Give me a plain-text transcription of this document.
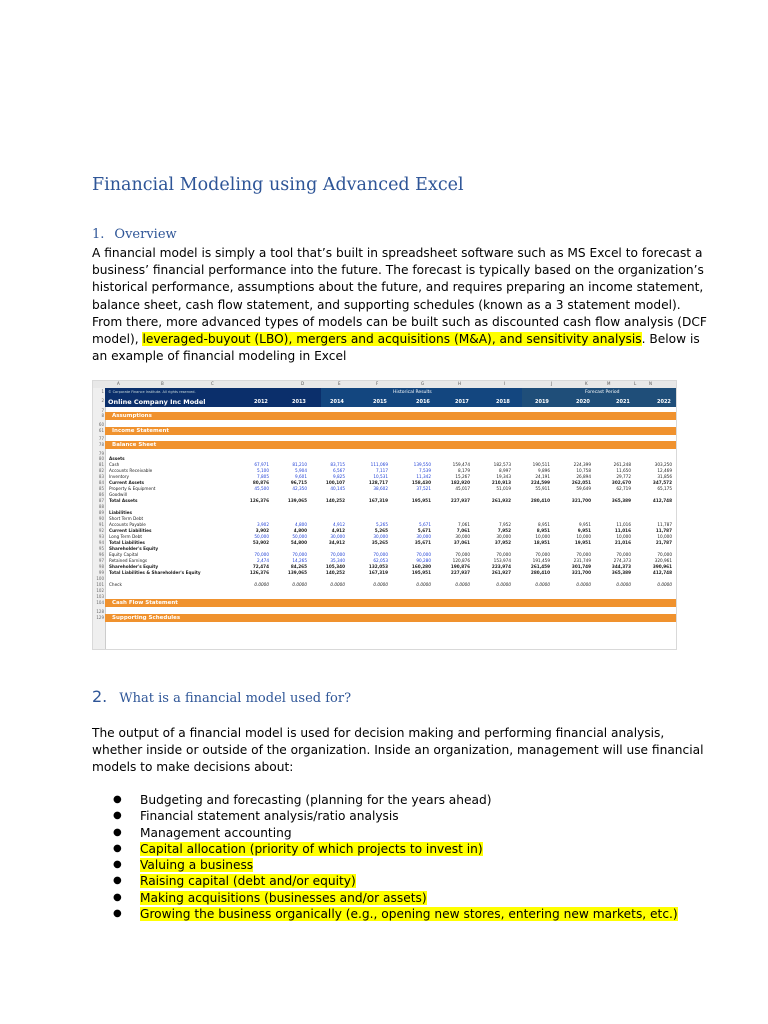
Financial Modeling using Advanced Excel
1. Overview
A financial model is simply a tool that’s built in spreadsheet software such as MS Excel to forecast a
business’ financial performance into the future. The forecast is typically based on the organization’s
historical performance, assumptions about the future, and requires preparing an income statement,
balance sheet, cash flow statement, and supporting schedules (known as a 3 statement model).
From there, more advanced types of models can be built such as discounted cash flow analysis (DCF
model), leveraged-buyout (LBO), mergers and acquisitions (M&A), and sensitivity analysis. Below is
an example of financial modeling in Excel
A	B	C	D	E	F	G	H	I	J	K	L
M	N
© Corporate Finance Institute. All rights reserved.
Online Company Inc Model
Historical Results	Forecast Period
2012	2013	2014	2015	2016	2017	2018	2019	2020	2021	2022
1
2
7
60
77
79
88
100
102
103
128
Assumptions
8
Income Statement
61
Balance Sheet
78
Cash Flow Statement
104
Supporting Schedules
129
80 Assets
81 Cash	67,971	81,210	83,715	111,069	139,550	159,474	182,573	190,511	224,399	261,248	303,250
82 Accounts Receivable	5,100	5,904	6,567	7,117	7,539	8,179	8,997	9,896	10,758	11,650	12,469
83 Inventory	7,805	9,601	9,825	10,531	11,342	15,267	19,343	24,191	26,894	29,772	31,856
84 Current Assets	80,876	96,715	100,107	128,717	158,430	182,920	210,913	224,599	262,051	302,670	347,572
85 Property & Equipment	45,500	42,350	40,145	38,602	37,521	45,017	51,019	55,911	59,649	62,719	65,175
86 Goodwill
87 Total Assets	126,376	139,065	140,252	167,319	195,951	227,937	261,932	280,410	321,700	365,389	412,748
89 Liabilities
90 Short Term Debt
91 Accounts Payable	3,902	4,800	4,912	5,265	5,671	7,061	7,952	8,951	9,951	11,016	11,787
92 Current Liabilities	3,902	4,800	4,912	5,265	5,671	7,061	7,952	8,951	9,951	11,016	11,787
93 Long Term Debt	50,000	50,000	30,000	30,000	30,000	30,000	30,000	10,000	10,000	10,000	10,000
94 Total Liabilities	53,902	54,800	34,912	35,265	35,671	37,061	37,952	18,951	19,951	21,016	21,787
95 Shareholder's Equity
96 Equity Capital	70,000	70,000	70,000	70,000	70,000	70,000	70,000	70,000	70,000	70,000	70,000
97 Retained Earnings	2,474	14,265	35,340	62,053	90,280	120,876	153,974	191,459	231,749	274,373	320,961
98 Shareholder's Equity	72,474	84,265	105,340	132,053	160,280	190,876	223,974	261,459	301,749	344,373	390,961
99 Total Liabilities & Shareholder's Equity	126,376	139,065	140,252	167,319	195,951	227,937	261,927	280,410	321,700	365,389	412,748
101 Check	0.0000	0.0000	0.0000	0.0000	0.0000	0.0000	0.0000	0.0000	0.0000	0.0000	0.0000
2. What is a financial model used for?
The output of a financial model is used for decision making and performing financial analysis,
whether inside or outside of the organization. Inside an organization, management will use financial
models to make decisions about:
● Budgeting and forecasting (planning for the years ahead)
● Financial statement analysis/ratio analysis
● Management accounting
● Capital allocation (priority of which projects to invest in)
● Valuing a business
● Raising capital (debt and/or equity)
● Making acquisitions (businesses and/or assets)
● Growing the business organically (e.g., opening new stores, entering new markets, etc.)
